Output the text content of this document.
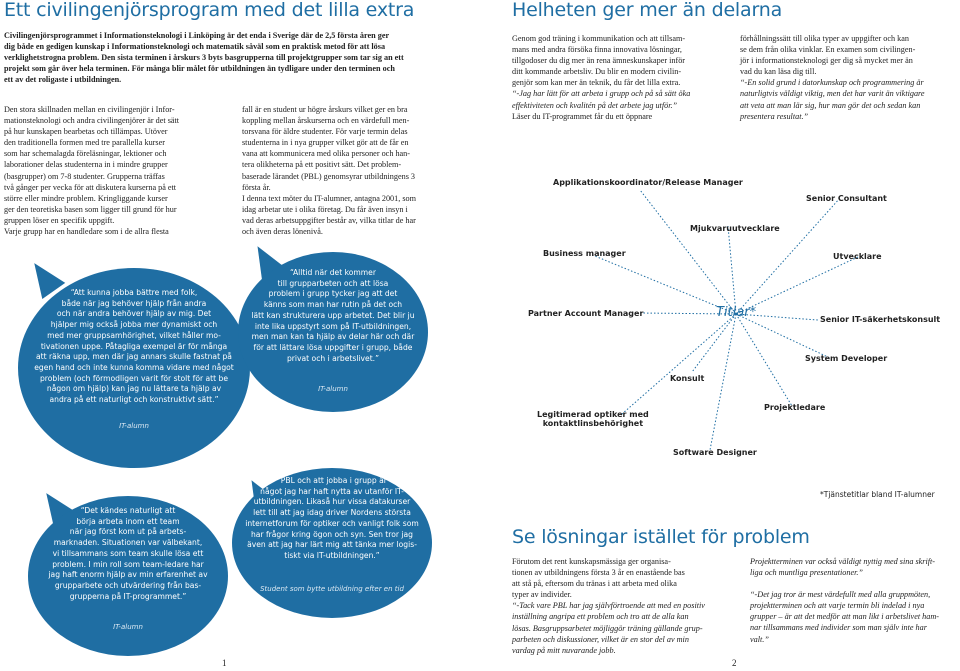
Ett civilingenjörsprogram med det lilla extra
Civilingenjörsprogrammet i Informationsteknologi i Linköping är det enda i Sverige där de 2,5 första åren ger
dig både en gedigen kunskap i Informationsteknologi och matematik såväl som en praktisk metod för att lösa
verklighetstrogna problem. Den sista terminen i årskurs 3 byts basgrupperna till projektgrupper som tar sig an ett
projekt som går över hela terminen. För många blir målet för utbildningen än tydligare under den terminen och
ett av det roligaste i utbildningen.
Den stora skillnaden mellan en civilingenjör i Infor-
mationsteknologi och andra civilingenjörer är det sätt
på hur kunskapen bearbetas och tillämpas. Utöver
den traditionella formen med tre parallella kurser
som har schemalagda föreläsningar, lektioner och
laborationer delas studenterna in i mindre grupper
(basgrupper) om 7-8 studenter. Grupperna träffas
två gånger per vecka för att diskutera kurserna på ett
större eller mindre problem. Kringliggande kurser
ger den teoretiska basen som ligger till grund för hur
gruppen löser en specifik uppgift.
Varje grupp har en handledare som i de allra flesta
fall är en student ur högre årskurs vilket ger en bra
koppling mellan årskurserna och en värdefull men-
torsvana för äldre studenter. För varje termin delas
studenterna in i nya grupper vilket gör att de får en
vana att kommunicera med olika personer och han-
tera olikheterna på ett positivt sätt. Det problem-
baserade lärandet (PBL) genomsyrar utbildningens 3
första år.
I denna text möter du IT-alumner, antagna 2001, som
idag arbetar ute i olika företag. Du får även insyn i
vad deras arbetsuppgifter består av, vilka titlar de har
och även deras lönenivå.
“Att kunna jobba bättre med folk,
både när jag behöver hjälp från andra
och när andra behöver hjälp av mig. Det
hjälper mig också jobba mer dynamiskt och
med mer gruppsamhörighet, vilket håller mo-
tivationen uppe. Påtagliga exempel är för många
att räkna upp, men där jag annars skulle fastnat på
egen hand och inte kunna komma vidare med något
problem (och förmodligen varit för stolt för att be
någon om hjälp) kan jag nu lättare ta hjälp av
andra på ett naturligt och konstruktivt sätt.”
IT-alumn
“Alltid när det kommer
till grupparbeten och att lösa
problem i grupp tycker jag att det
känns som man har rutin på det och
lätt kan strukturera upp arbetet. Det blir ju
inte lika uppstyrt som på IT-utbildningen,
men man kan ta hjälp av delar här och där
för att lättare lösa uppgifter i grupp, både
privat och i arbetslivet.”
IT-alumn
“Det kändes naturligt att
börja arbeta inom ett team
när jag först kom ut på arbets-
marknaden. Situationen var välbekant,
vi tillsammans som team skulle lösa ett
problem. I min roll som team-ledare har
jag haft enorm hjälp av min erfarenhet av
grupparbete och utvärdering från bas-
grupperna på IT-programmet.”
IT-alumn
“PBL och att jobba i grupp är
något jag har haft nytta av utanför IT-
utbildningen. Likaså hur vissa datakurser
lett till att jag idag driver Nordens största
internetforum för optiker och vanligt folk som
har frågor kring ögon och syn. Sen tror jag
även att jag har lärt mig att tänka mer logis-
tiskt via IT-utbildningen.”
Student som bytte utbildning efter en tid
1
Helheten ger mer än delarna
Genom god träning i kommunikation och att tillsam-
mans med andra försöka finna innovativa lösningar,
tillgodoser du dig mer än rena ämneskunskaper inför
ditt kommande arbetsliv. Du blir en modern civilin-
genjör som kan mer än teknik, du får det lilla extra.
“-Jag har lätt för att arbeta i grupp och på så sätt öka
effektiviteten och kvalitén på det arbete jag utför.”
Läser du IT-programmet får du ett öppnare
förhållningssätt till olika typer av uppgifter och kan
se dem från olika vinklar. En examen som civilingen-
jör i informationsteknologi ger dig så mycket mer än
vad du kan läsa dig till.
“-En solid grund i datorkunskap och programmering är
naturligtvis väldigt viktig, men det har varit än viktigare
att veta att man lär sig, hur man gör det och sedan kan
presentera resultat.”
Titlar*
Applikationskoordinator/Release Manager
Senior Consultant
Mjukvaruutvecklare
Business manager	Utvecklare
Partner Account Manager
Senior IT-säkerhetskonsult
System Developer
Konsult
Projektledare
Legitimerad optiker med
kontaktlinsbehörighet
Software Designer
*Tjänstetitlar bland IT-alumner
Se lösningar istället för problem
Förutom det rent kunskapsmässiga ger organisa-
tionen av utbildningens första 3 år en enastående bas
att stå på, eftersom du tränas i att arbeta med olika
typer av individer.
“-Tack vare PBL har jag självförtroende att med en positiv
inställning angripa ett problem och tro att de alla kan
lösas. Basgruppsarbetet möjliggör träning gällande grup-
parbeten och diskussioner, vilket är en stor del av min
vardag på mitt nuvarande jobb.
Projektterminen var också väldigt nyttig med sina skrift-
liga och muntliga presentationer.”
“-Det jag tror är mest värdefullt med alla gruppmöten,
projektterminen och att varje termin bli indelad i nya
grupper – är att det medför att man likt i arbetslivet ham-
nar tillsammans med individer som man själv inte har
valt.”
2
